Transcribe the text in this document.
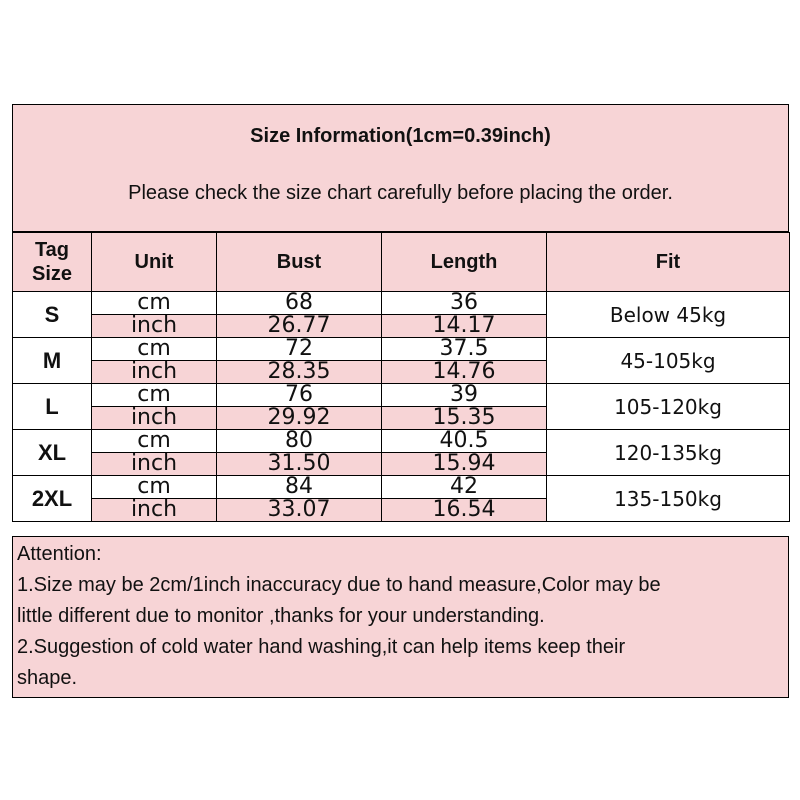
Size Information(1cm=0.39inch)
Please check the size chart carefully before placing the order.
Tag
Size	Unit	Bust	Length	Fit
S	cm	68	36	Below 45kg
	inch	26.77	14.17	
M	cm	72	37.5	45-105kg
	inch	28.35	14.76	
L	cm	76	39	105-120kg
	inch	29.92	15.35	
XL	cm	80	40.5	120-135kg
	inch	31.50	15.94	
2XL	cm	84	42	135-150kg
	inch	33.07	16.54	

Attention:

1.Size may be 2cm/1inch inaccuracy due to hand measure,Color may be

little different due to monitor ,thanks for your understanding.

2.Suggestion of cold water hand washing,it can help items keep their

shape.
